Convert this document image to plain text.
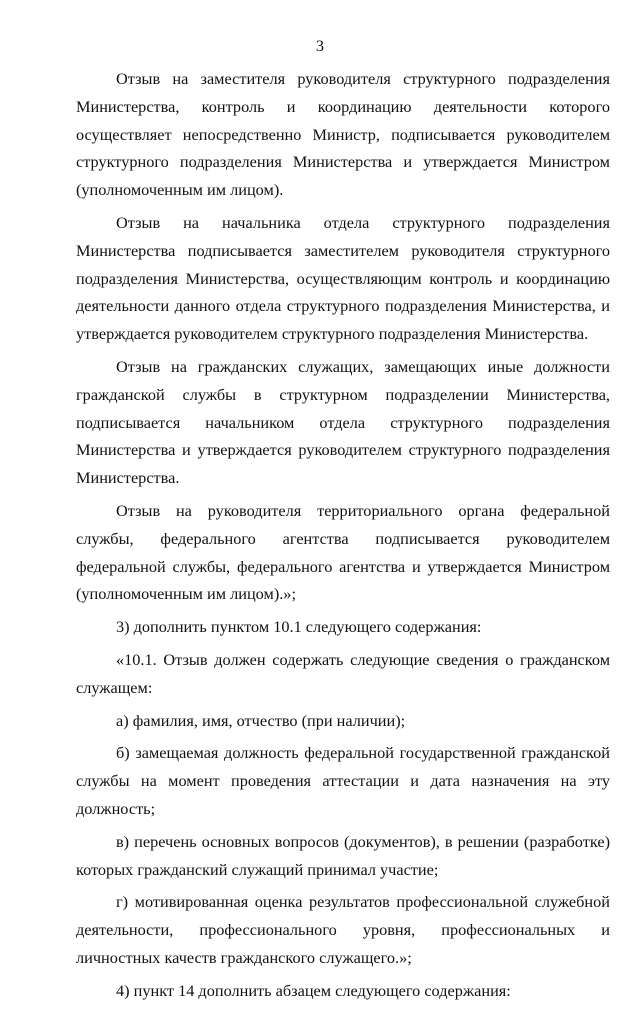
3

Отзыв на заместителя руководителя структурного подразделения Министерства, контроль и координацию деятельности которого осуществляет непосредственно Министр, подписывается руководителем структурного подразделения Министерства и утверждается Министром (уполномоченным им лицом).

Отзыв на начальника отдела структурного подразделения Министерства подписывается заместителем руководителя структурного подразделения Министерства, осуществляющим контроль и координацию деятельности данного отдела структурного подразделения Министерства, и утверждается руководителем структурного подразделения Министерства.

Отзыв на гражданских служащих, замещающих иные должности гражданской службы в структурном подразделении Министерства, подписывается начальником отдела структурного подразделения Министерства и утверждается руководителем структурного подразделения Министерства.

Отзыв на руководителя территориального органа федеральной службы, федерального агентства подписывается руководителем федеральной службы, федерального агентства и утверждается Министром (уполномоченным им лицом).»;

3) дополнить пунктом 10.1 следующего содержания:

«10.1. Отзыв должен содержать следующие сведения о гражданском служащем:

а) фамилия, имя, отчество (при наличии);

б) замещаемая должность федеральной государственной гражданской службы на момент проведения аттестации и дата назначения на эту должность;

в) перечень основных вопросов (документов), в решении (разработке) которых гражданский служащий принимал участие;

г) мотивированная оценка результатов профессиональной служебной деятельности, профессионального уровня, профессиональных и личностных качеств гражданского служащего.»;

4) пункт 14 дополнить абзацем следующего содержания:
